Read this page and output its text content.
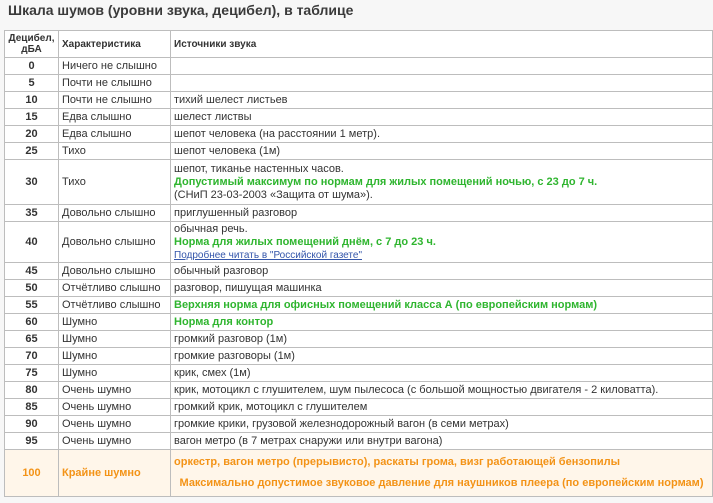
Шкала шумов (уровни звука, децибел), в таблице
Децибел, дБА	Характеристика	Источники звука
0	Ничего не слышно	
5	Почти не слышно	
10	Почти не слышно	тихий шелест листьев
15	Едва слышно	шелест листвы
20	Едва слышно	шепот человека (на расстоянии 1 метр).
25	Тихо	шепот человека (1м)
30	Тихо	шепот, тиканье настенных часов.
Допустимый максимум по нормам для жилых помещений ночью, с 23 до 7 ч.
(СНиП 23-03-2003 «Защита от шума»).

35	Довольно слышно	приглушенный разговор
40	Довольно слышно	обычная речь.
Норма для жилых помещений днём, с 7 до 23 ч.
Подробнее читать в "Российской газете"

45	Довольно слышно	обычный разговор
50	Отчётливо слышно	разговор, пишущая машинка
55	Отчётливо слышно	Верхняя норма для офисных помещений класса А (по европейским нормам)
60	Шумно	Норма для контор
65	Шумно	громкий разговор (1м)
70	Шумно	громкие разговоры (1м)
75	Шумно	крик, смех (1м)
80	Очень шумно	крик, мотоцикл с глушителем, шум пылесоса (с большой мощностью двигателя - 2 киловатта).
85	Очень шумно	громкий крик, мотоцикл с глушителем
90	Очень шумно	громкие крики, грузовой железнодорожный вагон (в семи метрах)
95	Очень шумно	вагон метро (в 7 метрах снаружи или внутри вагона)
100	Крайне шумно	оркестр, вагон метро (прерывисто), раскаты грома, визг работающей бензопилы
Максимально допустимое звуковое давление для наушников плеера (по европейским нормам)
